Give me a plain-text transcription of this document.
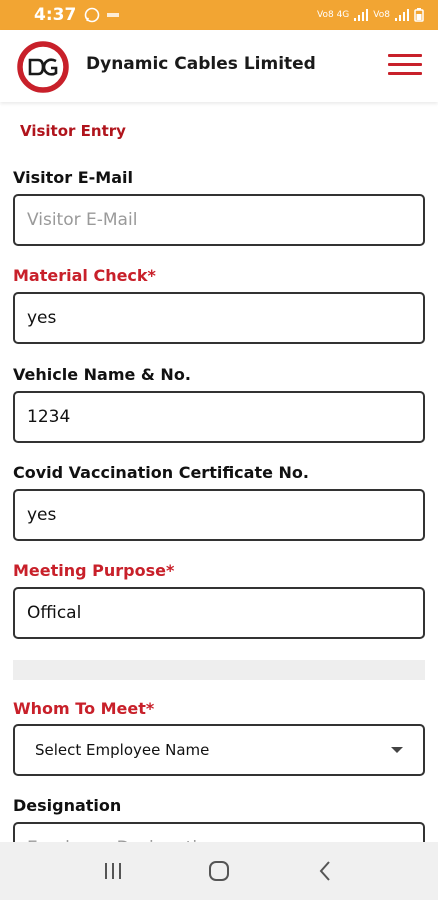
4:37	Vo8 4G	Vo8
Dynamic Cables Limited
Visitor Entry
Visitor E-Mail
Visitor E-Mail
Material Check*
yes
Vehicle Name & No.
1234
Covid Vaccination Certificate No.
yes
Meeting Purpose*
Offical
Whom To Meet*
Select Employee Name
Designation
Employee Designation
